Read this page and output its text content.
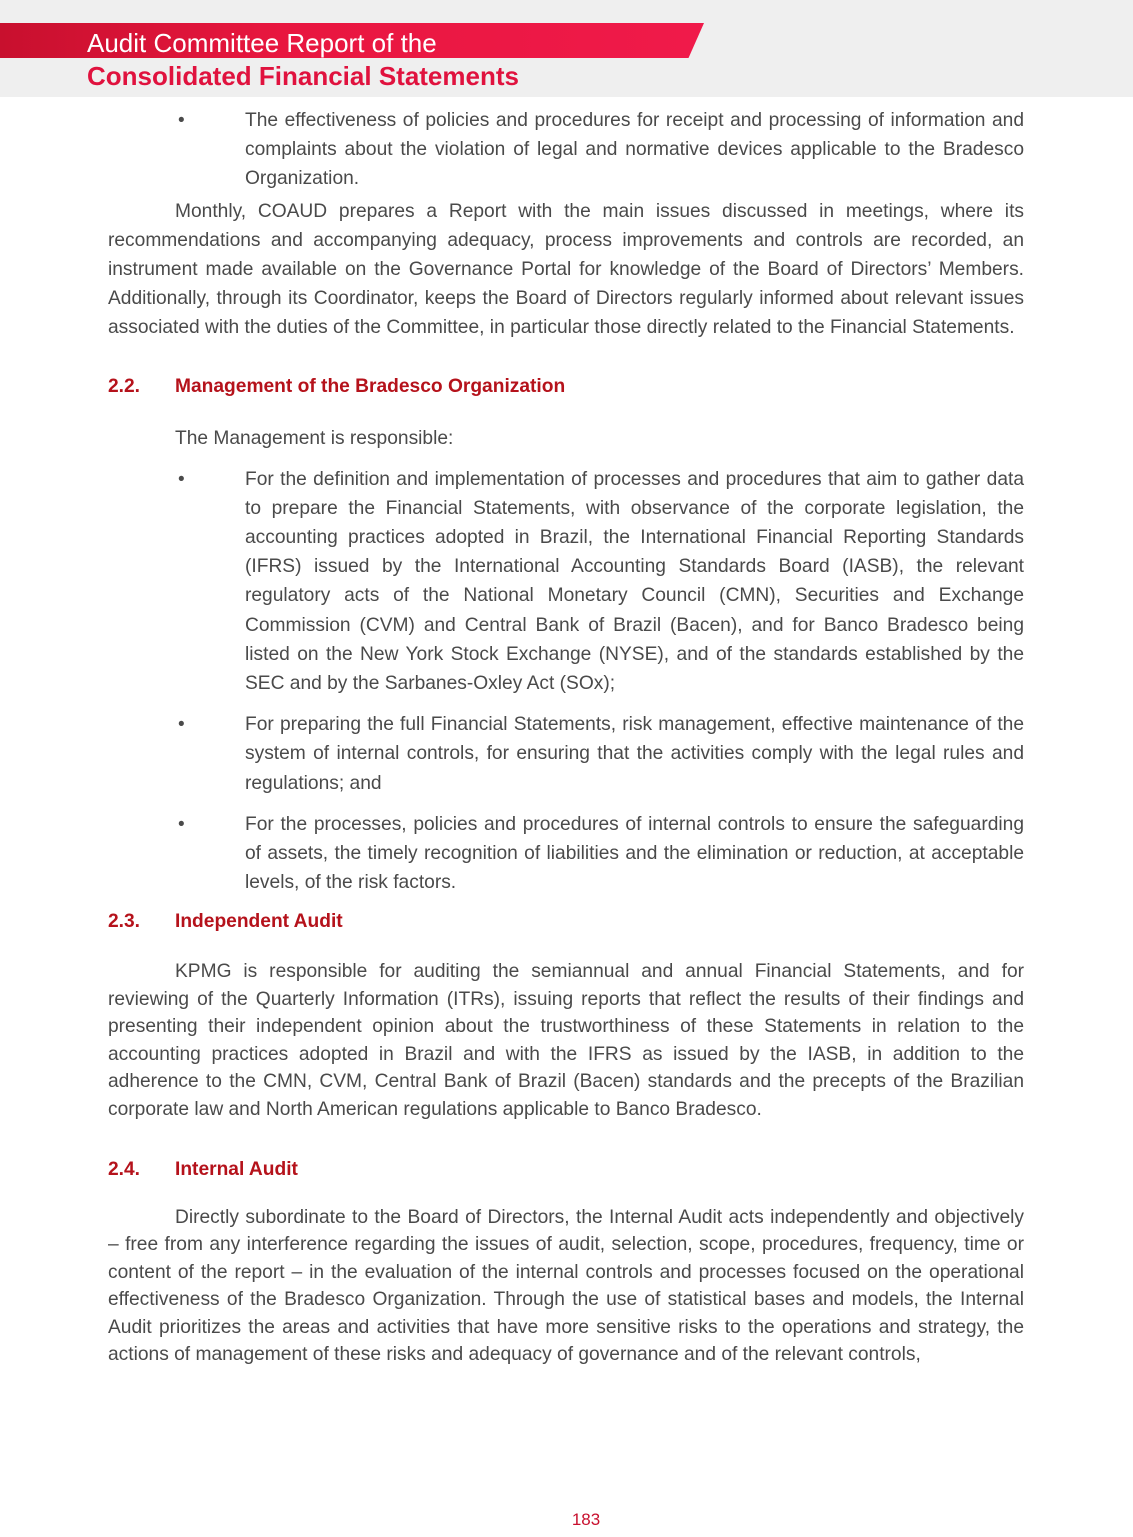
Audit Committee Report of the
Consolidated Financial Statements
•	The effectiveness of policies and procedures for receipt and processing of information and complaints about the violation of legal and normative devices applicable to the Bradesco Organization.

Monthly, COAUD prepares a Report with the main issues discussed in meetings, where its recommendations and accompanying adequacy, process improvements and controls are recorded, an instrument made available on the Governance Portal for knowledge of the Board of Directors’ Members. Additionally, through its Coordinator, keeps the Board of Directors regularly informed about relevant issues associated with the duties of the Committee, in particular those directly related to the Financial Statements.

2.2.	Management of the Bradesco Organization

The Management is responsible:

•	For the definition and implementation of processes and procedures that aim to gather data to prepare the Financial Statements, with observance of the corporate legislation, the accounting practices adopted in Brazil, the International Financial Reporting Standards (IFRS) issued by the International Accounting Standards Board (IASB), the relevant regulatory acts of the National Monetary Council (CMN), Securities and Exchange Commission (CVM) and Central Bank of Brazil (Bacen), and for Banco Bradesco being listed on the New York Stock Exchange (NYSE), and of the standards established by the SEC and by the Sarbanes-Oxley Act (SOx);

•	For preparing the full Financial Statements, risk management, effective maintenance of the system of internal controls, for ensuring that the activities comply with the legal rules and regulations; and

•	For the processes, policies and procedures of internal controls to ensure the safeguarding of assets, the timely recognition of liabilities and the elimination or reduction, at acceptable levels, of the risk factors.

2.3.	Independent Audit

KPMG is responsible for auditing the semiannual and annual Financial Statements, and for reviewing of the Quarterly Information (ITRs), issuing reports that reflect the results of their findings and presenting their independent opinion about the trustworthiness of these Statements in relation to the accounting practices adopted in Brazil and with the IFRS as issued by the IASB, in addition to the adherence to the CMN, CVM, Central Bank of Brazil (Bacen) standards and the precepts of the Brazilian corporate law and North American regulations applicable to Banco Bradesco.

2.4.	Internal Audit

Directly subordinate to the Board of Directors, the Internal Audit acts independently and objectively – free from any interference regarding the issues of audit, selection, scope, procedures, frequency, time or content of the report – in the evaluation of the internal controls and processes focused on the operational effectiveness of the Bradesco Organization. Through the use of statistical bases and models, the Internal Audit prioritizes the areas and activities that have more sensitive risks to the operations and strategy, the actions of management of these risks and adequacy of governance and of the relevant controls,

183
